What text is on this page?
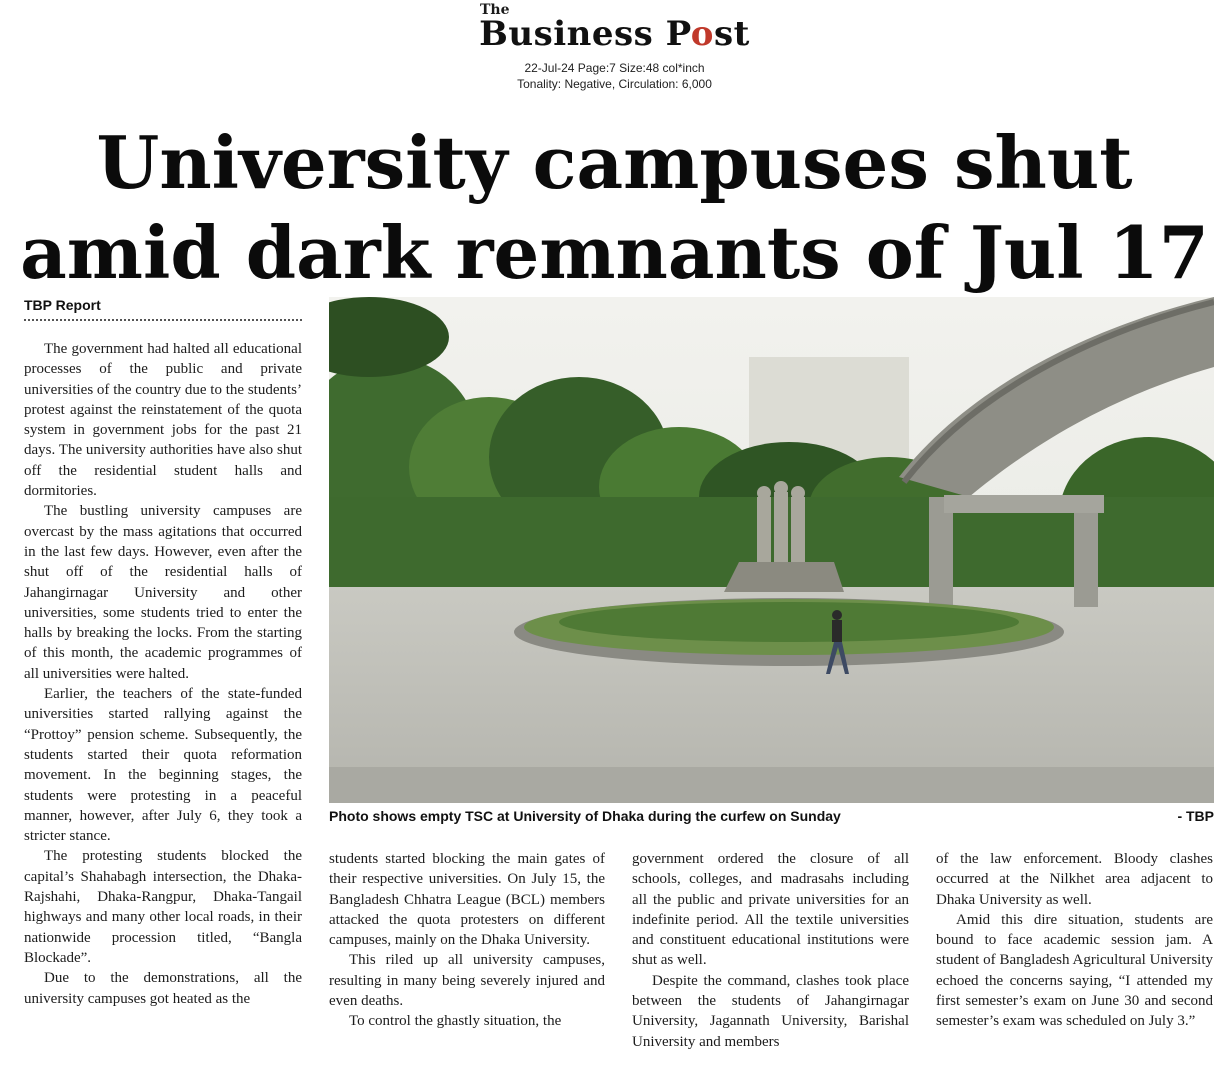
The
Business Post
22-Jul-24 Page:7 Size:48 col*inch
Tonality: Negative, Circulation: 6,000
University campuses shut
amid dark remnants of Jul 17
TBP Report

The government had halted all educational processes of the public and private universities of the country due to the students’ protest against the reinstatement of the quota system in government jobs for the past 21 days. The university authorities have also shut off the residential student halls and dormitories.

The bustling university campuses are overcast by the mass agitations that occurred in the last few days. However, even after the shut off of the residential halls of Jahangirnagar University and other universities, some students tried to enter the halls by breaking the locks. From the starting of this month, the academic programmes of all universities were halted.

Earlier, the teachers of the state-funded universities started rallying against the “Prottoy” pension scheme. Subsequently, the students started their quota reformation movement. In the beginning stages, the students were protesting in a peaceful manner, however, after July 6, they took a stricter stance.

The protesting students blocked the capital’s Shahabagh intersection, the Dhaka-Rajshahi, Dhaka-Rangpur, Dhaka-Tangail highways and many other local roads, in their nationwide procession titled, “Bangla Blockade”.

Due to the demonstrations, all the university campuses got heated as the

Photo shows empty TSC at University of Dhaka during the curfew on Sunday	- TBP

students started blocking the main gates of their respective universities. On July 15, the Bangladesh Chhatra League (BCL) members attacked the quota protesters on different campuses, mainly on the Dhaka University.

This riled up all university campuses, resulting in many being severely injured and even deaths.

To control the ghastly situation, the

government ordered the closure of all schools, colleges, and madrasahs including all the public and private universities for an indefinite period. All the textile universities and constituent educational institutions were shut as well.

Despite the command, clashes took place between the students of Jahangirnagar University, Jagannath University, Barishal University and members

of the law enforcement. Bloody clashes occurred at the Nilkhet area adjacent to Dhaka University as well.

Amid this dire situation, students are bound to face academic session jam. A student of Bangladesh Agricultural University echoed the concerns saying, “I attended my first semester’s exam on June 30 and second semester’s exam was scheduled on July 3.”
